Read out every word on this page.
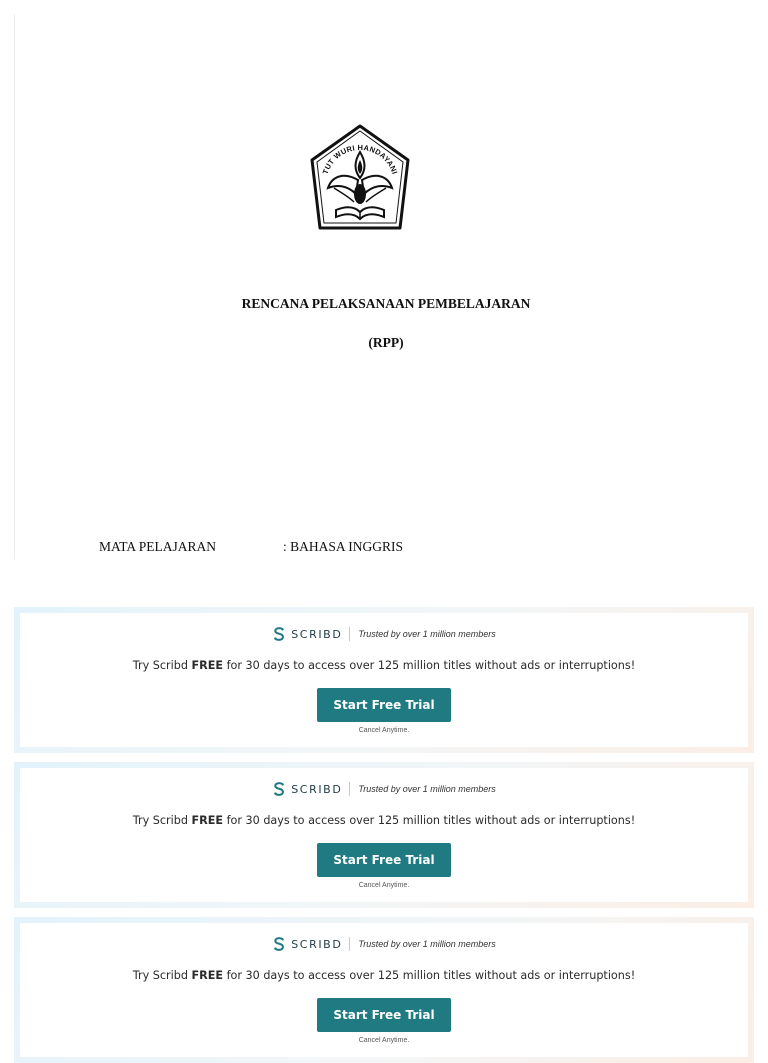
TUT WURI HANDAYANI
RENCANA PELAKSANAAN PEMBELAJARAN
(RPP)
MATA PELAJARAN	: BAHASA INGGRIS
SCRIBD Trusted by over 1 million members
Try Scribd FREE for 30 days to access over 125 million titles without ads or interruptions!
Start Free Trial
Cancel Anytime.
SCRIBD Trusted by over 1 million members
Try Scribd FREE for 30 days to access over 125 million titles without ads or interruptions!
Start Free Trial
Cancel Anytime.
SCRIBD Trusted by over 1 million members
Try Scribd FREE for 30 days to access over 125 million titles without ads or interruptions!
Start Free Trial
Cancel Anytime.
